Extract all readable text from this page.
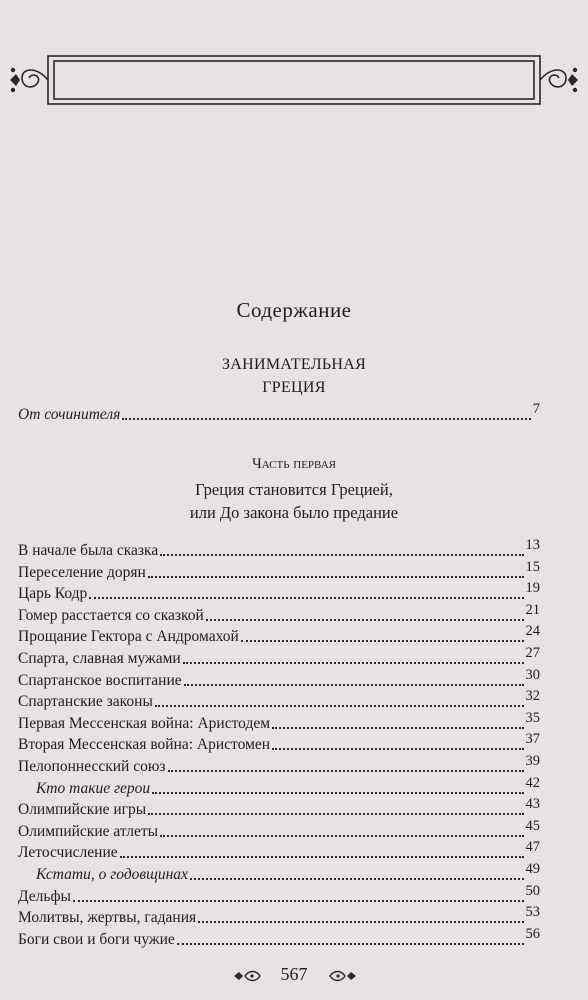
Содержание
ЗАНИМАТЕЛЬНАЯ
ГРЕЦИЯ
От сочинителя	7
Часть первая
Греция становится Грецией,
или До закона было предание
В начале была сказка	13
Переселение дорян	15
Царь Кодр	19
Гомер расстается со сказкой	21
Прощание Гектора с Андромахой	24
Спарта, славная мужами	27
Спартанское воспитание	30
Спартанские законы	32
Первая Мессенская война: Аристодем	35
Вторая Мессенская война: Аристомен	37
Пелопоннесский союз	39
Кто такие герои	42
Олимпийские игры	43
Олимпийские атлеты	45
Летосчисление	47
Кстати, о годовщинах	49
Дельфы	50
Молитвы, жертвы, гадания	53
Боги свои и боги чужие	56
567
